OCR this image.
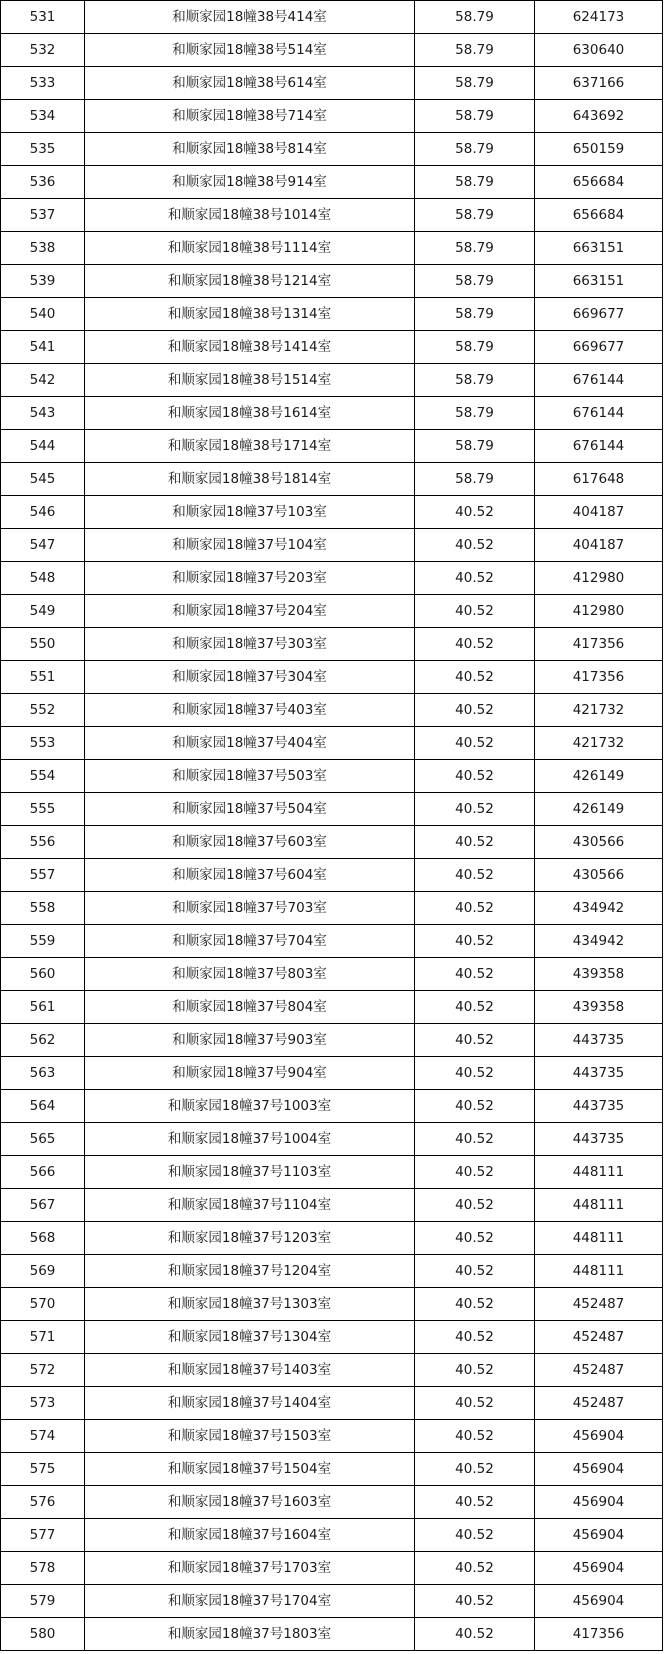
531	和顺家园18幢38号414室	58.79	624173
532	和顺家园18幢38号514室	58.79	630640
533	和顺家园18幢38号614室	58.79	637166
534	和顺家园18幢38号714室	58.79	643692
535	和顺家园18幢38号814室	58.79	650159
536	和顺家园18幢38号914室	58.79	656684
537	和顺家园18幢38号1014室	58.79	656684
538	和顺家园18幢38号1114室	58.79	663151
539	和顺家园18幢38号1214室	58.79	663151
540	和顺家园18幢38号1314室	58.79	669677
541	和顺家园18幢38号1414室	58.79	669677
542	和顺家园18幢38号1514室	58.79	676144
543	和顺家园18幢38号1614室	58.79	676144
544	和顺家园18幢38号1714室	58.79	676144
545	和顺家园18幢38号1814室	58.79	617648
546	和顺家园18幢37号103室	40.52	404187
547	和顺家园18幢37号104室	40.52	404187
548	和顺家园18幢37号203室	40.52	412980
549	和顺家园18幢37号204室	40.52	412980
550	和顺家园18幢37号303室	40.52	417356
551	和顺家园18幢37号304室	40.52	417356
552	和顺家园18幢37号403室	40.52	421732
553	和顺家园18幢37号404室	40.52	421732
554	和顺家园18幢37号503室	40.52	426149
555	和顺家园18幢37号504室	40.52	426149
556	和顺家园18幢37号603室	40.52	430566
557	和顺家园18幢37号604室	40.52	430566
558	和顺家园18幢37号703室	40.52	434942
559	和顺家园18幢37号704室	40.52	434942
560	和顺家园18幢37号803室	40.52	439358
561	和顺家园18幢37号804室	40.52	439358
562	和顺家园18幢37号903室	40.52	443735
563	和顺家园18幢37号904室	40.52	443735
564	和顺家园18幢37号1003室	40.52	443735
565	和顺家园18幢37号1004室	40.52	443735
566	和顺家园18幢37号1103室	40.52	448111
567	和顺家园18幢37号1104室	40.52	448111
568	和顺家园18幢37号1203室	40.52	448111
569	和顺家园18幢37号1204室	40.52	448111
570	和顺家园18幢37号1303室	40.52	452487
571	和顺家园18幢37号1304室	40.52	452487
572	和顺家园18幢37号1403室	40.52	452487
573	和顺家园18幢37号1404室	40.52	452487
574	和顺家园18幢37号1503室	40.52	456904
575	和顺家园18幢37号1504室	40.52	456904
576	和顺家园18幢37号1603室	40.52	456904
577	和顺家园18幢37号1604室	40.52	456904
578	和顺家园18幢37号1703室	40.52	456904
579	和顺家园18幢37号1704室	40.52	456904
580	和顺家园18幢37号1803室	40.52	417356
